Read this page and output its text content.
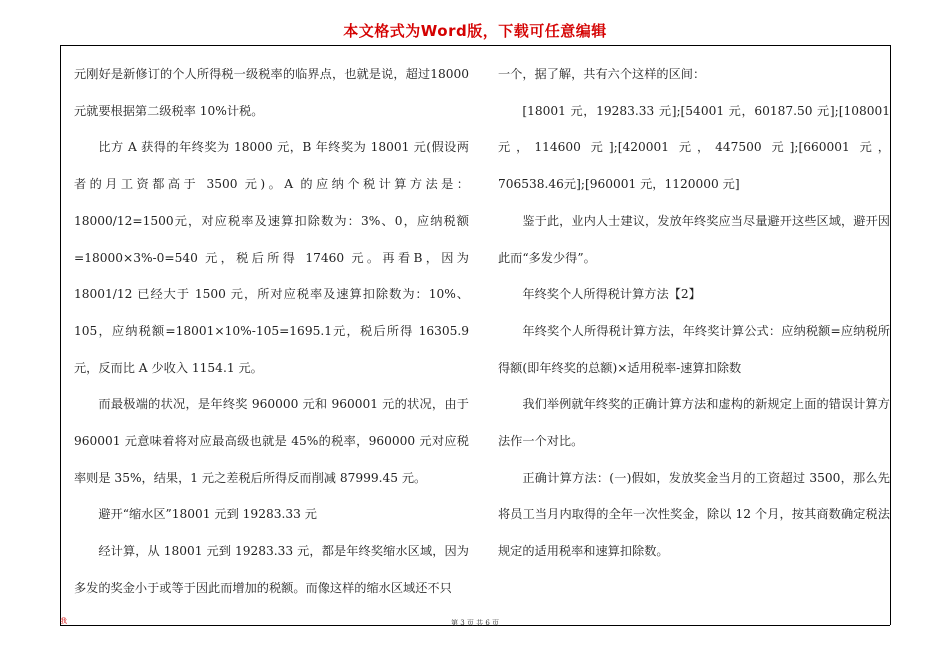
本文格式为Word版，下载可任意编辑

元刚好是新修订的个人所得税一级税率的临界点，也就是说，超过18000 元就要根据第二级税率 10%计税。

比方 A 获得的年终奖为 18000 元，B 年终奖为 18001 元(假设两者的月工资都高于 3500 元)。A 的应纳个税计算方法是：18000/12=1500元，对应税率及速算扣除数为：3%、0，应纳税额=18000×3%-0=540 元，税后所得 17460 元。再看B，因为 18001/12 已经大于 1500 元，所对应税率及速算扣除数为：10%、105，应纳税额=18001×10%-105=1695.1元，税后所得 16305.9 元，反而比 A 少收入 1154.1 元。

而最极端的状况，是年终奖 960000 元和 960001 元的状况，由于960001 元意味着将对应最高级也就是 45%的税率，960000 元对应税率则是 35%，结果，1 元之差税后所得反而削减 87999.45 元。

避开“缩水区”18001 元到 19283.33 元

经计算，从 18001 元到 19283.33 元，都是年终奖缩水区域，因为多发的奖金小于或等于因此而增加的税额。而像这样的缩水区域还不只

一个，据了解，共有六个这样的区间：

[18001 元，19283.33 元];[54001 元，60187.50 元];[108001 元，114600 元];[420001 元，447500 元];[660001 元，706538.46元];[960001 元，1120000 元]

鉴于此，业内人士建议，发放年终奖应当尽量避开这些区域，避开因此而“多发少得”。

年终奖个人所得税计算方法【2】

年终奖个人所得税计算方法，年终奖计算公式：应纳税额=应纳税所得额(即年终奖的总额)×适用税率-速算扣除数

我们举例就年终奖的正确计算方法和虚构的新规定上面的错误计算方法作一个对比。

正确计算方法：(一)假如，发放奖金当月的工资超过 3500，那么先将员工当月内取得的全年一次性奖金，除以 12 个月，按其商数确定税法规定的适用税率和速算扣除数。

我	第 3 页 共 6 页
